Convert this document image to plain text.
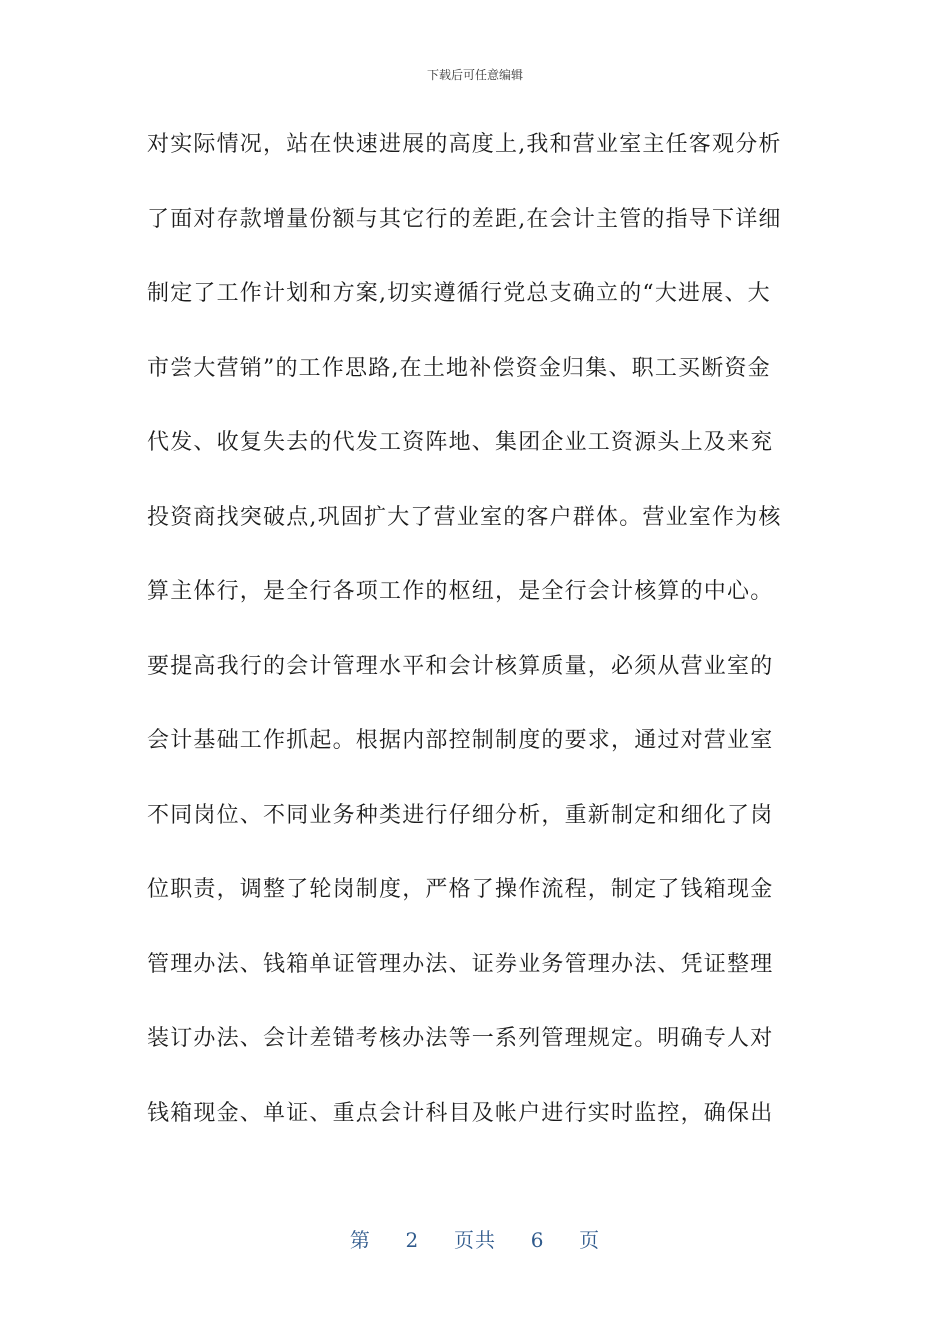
下载后可任意编辑
对实际情况，站在快速进展的高度上,我和营业室主任客观分析
了面对存款增量份额与其它行的差距,在会计主管的指导下详细
制定了工作计划和方案,切实遵循行党总支确立的“大进展、大
市尝大营销”的工作思路,在土地补偿资金归集、职工买断资金
代发、收复失去的代发工资阵地、集团企业工资源头上及来兖
投资商找突破点,巩固扩大了营业室的客户群体。营业室作为核
算主体行，是全行各项工作的枢纽，是全行会计核算的中心。
要提高我行的会计管理水平和会计核算质量，必须从营业室的
会计基础工作抓起。根据内部控制制度的要求，通过对营业室
不同岗位、不同业务种类进行仔细分析，重新制定和细化了岗
位职责，调整了轮岗制度，严格了操作流程，制定了钱箱现金
管理办法、钱箱单证管理办法、证券业务管理办法、凭证整理
装订办法、会计差错考核办法等一系列管理规定。明确专人对
钱箱现金、单证、重点会计科目及帐户进行实时监控，确保出
第 2 页共 6 页
